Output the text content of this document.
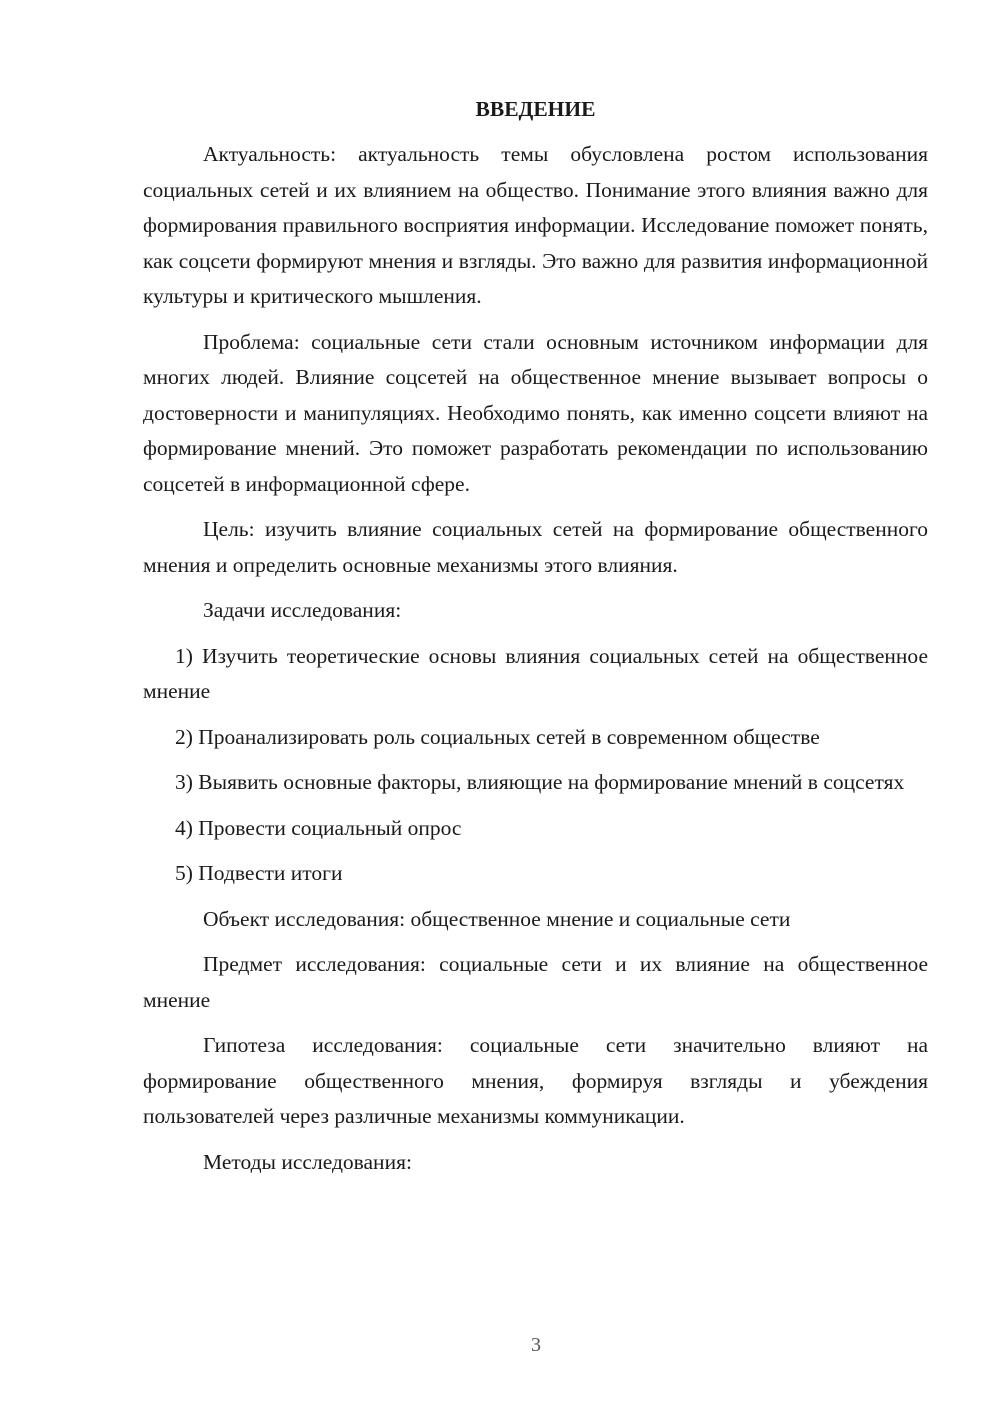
ВВЕДЕНИЕ

Актуальность: актуальность темы обусловлена ростом использования социальных сетей и их влиянием на общество. Понимание этого влияния важно для формирования правильного восприятия информации. Исследование поможет понять, как соцсети формируют мнения и взгляды. Это важно для развития информационной культуры и критического мышления.

Проблема: социальные сети стали основным источником информации для многих людей. Влияние соцсетей на общественное мнение вызывает вопросы о достоверности и манипуляциях. Необходимо понять, как именно соцсети влияют на формирование мнений. Это поможет разработать рекомендации по использованию соцсетей в информационной сфере.

Цель: изучить влияние социальных сетей на формирование общественного мнения и определить основные механизмы этого влияния.

Задачи исследования:

1) Изучить теоретические основы влияния социальных сетей на общественное мнение

2) Проанализировать роль социальных сетей в современном обществе

3) Выявить основные факторы, влияющие на формирование мнений в соцсетях

4) Провести социальный опрос

5) Подвести итоги

Объект исследования: общественное мнение и социальные сети

Предмет исследования: социальные сети и их влияние на общественное мнение

Гипотеза исследования: социальные сети значительно влияют на формирование общественного мнения, формируя взгляды и убеждения пользователей через различные механизмы коммуникации.

Методы исследования:

3
